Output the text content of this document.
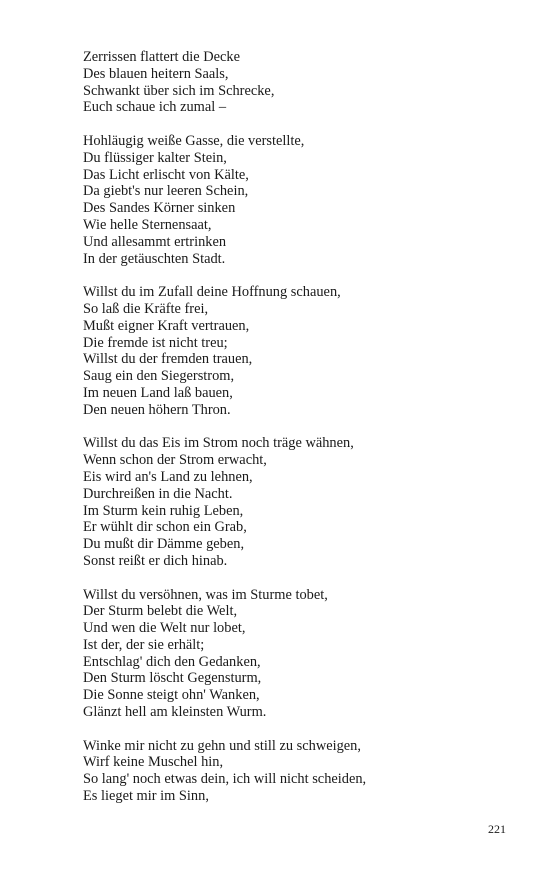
Zerrissen flattert die Decke
Des blauen heitern Saals,
Schwankt über sich im Schrecke,
Euch schaue ich zumal –
Hohläugig weiße Gasse, die verstellte,
Du flüssiger kalter Stein,
Das Licht erlischt von Kälte,
Da giebt's nur leeren Schein,
Des Sandes Körner sinken
Wie helle Sternensaat,
Und allesammt ertrinken
In der getäuschten Stadt.
Willst du im Zufall deine Hoffnung schauen,
So laß die Kräfte frei,
Mußt eigner Kraft vertrauen,
Die fremde ist nicht treu;
Willst du der fremden trauen,
Saug ein den Siegerstrom,
Im neuen Land laß bauen,
Den neuen höhern Thron.
Willst du das Eis im Strom noch träge wähnen,
Wenn schon der Strom erwacht,
Eis wird an's Land zu lehnen,
Durchreißen in die Nacht.
Im Sturm kein ruhig Leben,
Er wühlt dir schon ein Grab,
Du mußt dir Dämme geben,
Sonst reißt er dich hinab.
Willst du versöhnen, was im Sturme tobet,
Der Sturm belebt die Welt,
Und wen die Welt nur lobet,
Ist der, der sie erhält;
Entschlag' dich den Gedanken,
Den Sturm löscht Gegensturm,
Die Sonne steigt ohn' Wanken,
Glänzt hell am kleinsten Wurm.
Winke mir nicht zu gehn und still zu schweigen,
Wirf keine Muschel hin,
So lang' noch etwas dein, ich will nicht scheiden,
Es lieget mir im Sinn,
221
